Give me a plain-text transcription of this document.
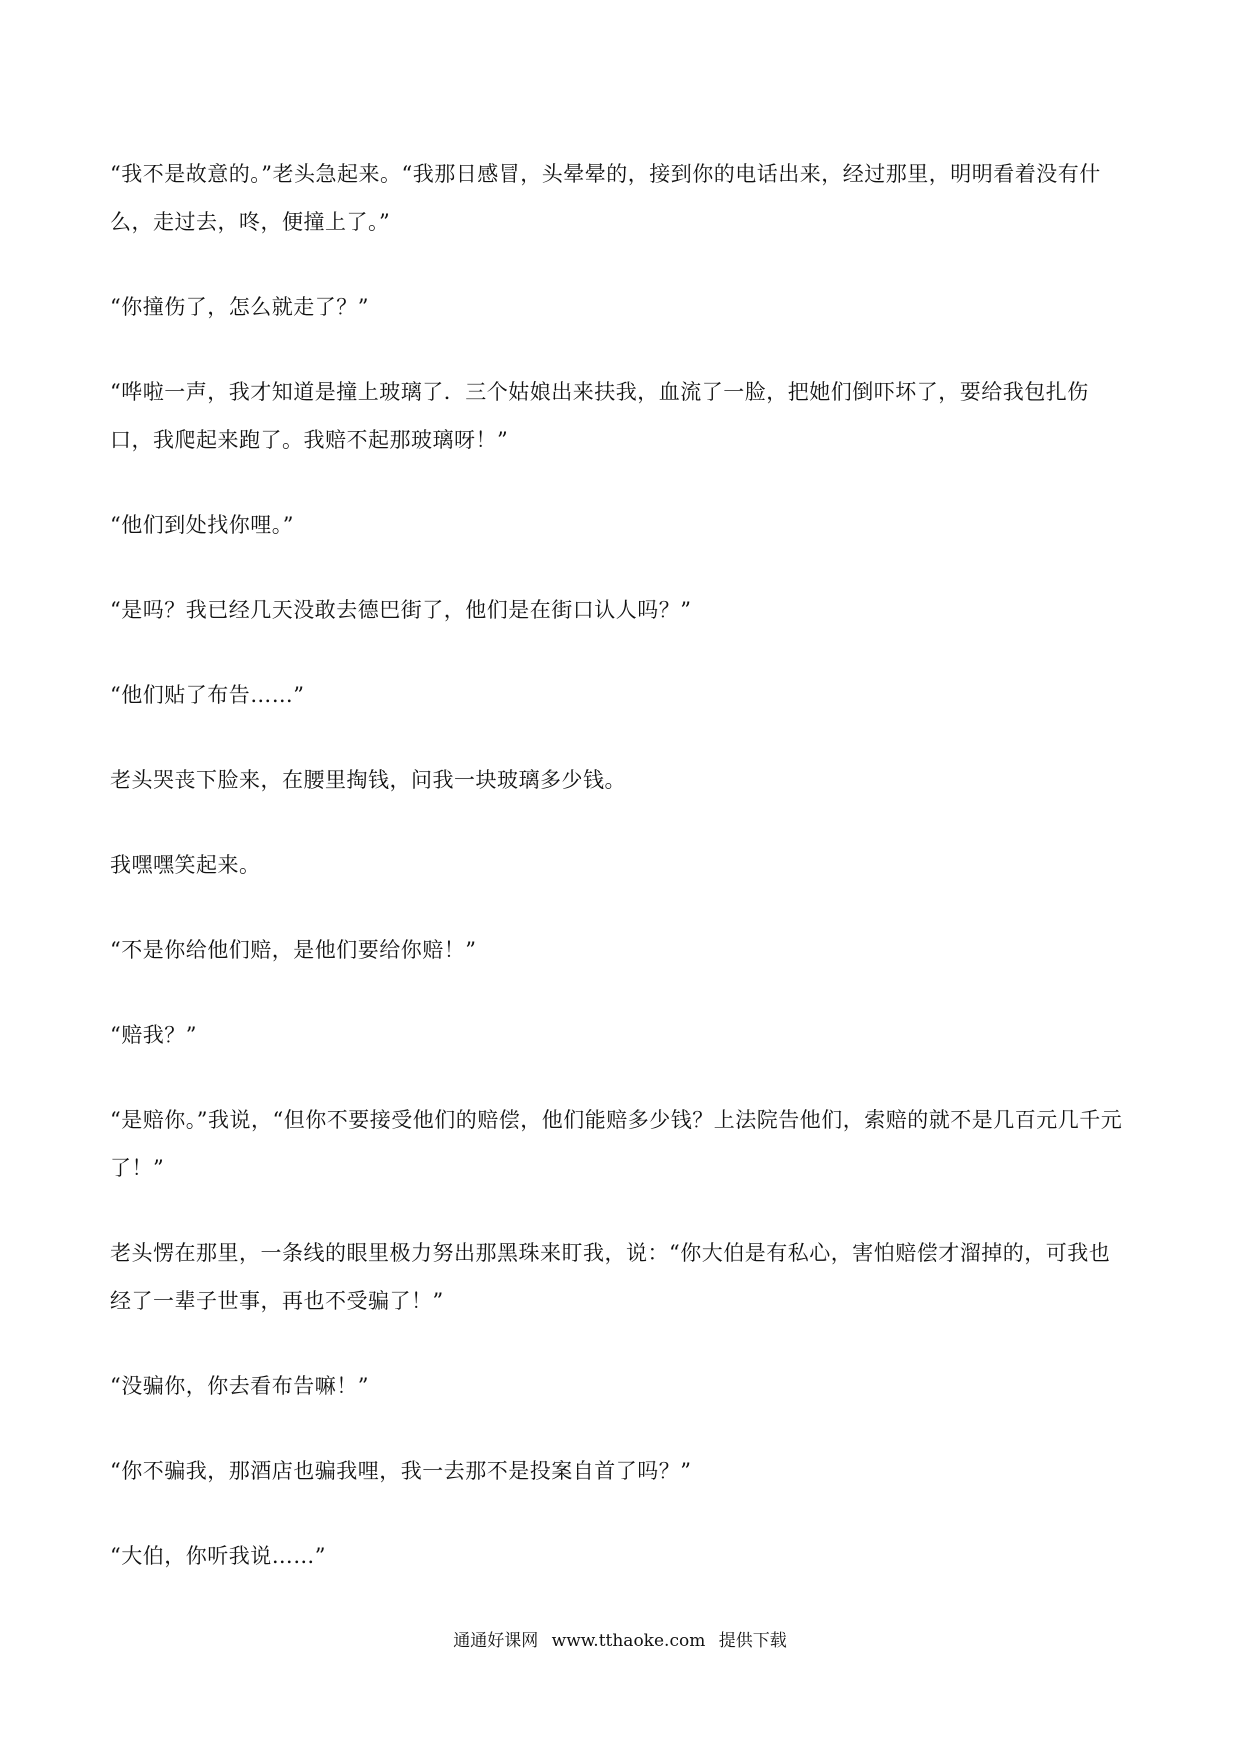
“我不是故意的。”老头急起来。“我那日感冒，头晕晕的，接到你的电话出来，经过那里，明明看着没有什么，走过去，咚，便撞上了。”

“你撞伤了，怎么就走了？”

“哗啦一声，我才知道是撞上玻璃了．三个姑娘出来扶我，血流了一脸，把她们倒吓坏了，要给我包扎伤口，我爬起来跑了。我赔不起那玻璃呀！”

“他们到处找你哩。”

“是吗？我已经几天没敢去德巴街了，他们是在街口认人吗？”

“他们贴了布告……”

老头哭丧下脸来，在腰里掏钱，问我一块玻璃多少钱。

我嘿嘿笑起来。

“不是你给他们赔，是他们要给你赔！”

“赔我？”

“是赔你。”我说，“但你不要接受他们的赔偿，他们能赔多少钱？上法院告他们，索赔的就不是几百元几千元了！”

老头愣在那里，一条线的眼里极力努出那黑珠来盯我，说：“你大伯是有私心，害怕赔偿才溜掉的，可我也经了一辈子世事，再也不受骗了！”

“没骗你，你去看布告嘛！”

“你不骗我，那酒店也骗我哩，我一去那不是投案自首了吗？”

“大伯，你听我说……”

通通好课网 www.tthaoke.com 提供下载
